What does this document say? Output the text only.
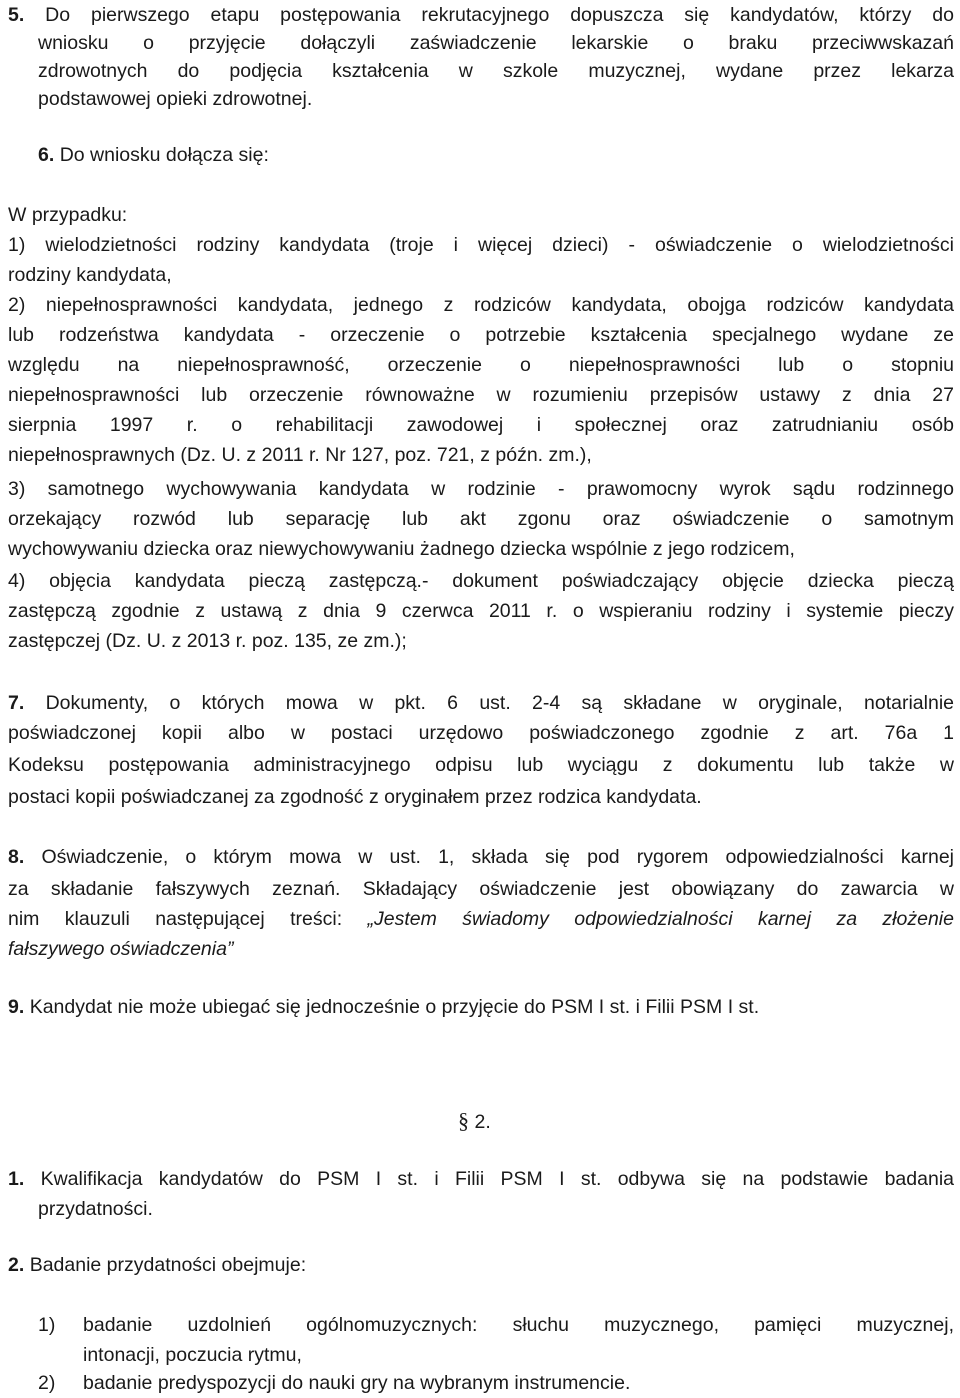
5. Do pierwszego etapu postępowania rekrutacyjnego dopuszcza się kandydatów, którzy do
wniosku o przyjęcie dołączyli zaświadczenie lekarskie o braku przeciwwskazań
zdrowotnych do podjęcia kształcenia w szkole muzycznej, wydane przez lekarza
podstawowej opieki zdrowotnej.
6. Do wniosku dołącza się:
W przypadku:
1) wielodzietności rodziny kandydata (troje i więcej dzieci) - oświadczenie o wielodzietności
rodziny kandydata,
2) niepełnosprawności kandydata, jednego z rodziców kandydata, obojga rodziców kandydata
lub rodzeństwa kandydata - orzeczenie o potrzebie kształcenia specjalnego wydane ze
względu na niepełnosprawność, orzeczenie o niepełnosprawności lub o stopniu
niepełnosprawności lub orzeczenie równoważne w rozumieniu przepisów ustawy z dnia 27
sierpnia 1997 r. o rehabilitacji zawodowej i społecznej oraz zatrudnianiu osób
niepełnosprawnych (Dz. U. z 2011 r. Nr 127, poz. 721, z późn. zm.),
3) samotnego wychowywania kandydata w rodzinie - prawomocny wyrok sądu rodzinnego
orzekający rozwód lub separację lub akt zgonu oraz oświadczenie o samotnym
wychowywaniu dziecka oraz niewychowywaniu żadnego dziecka wspólnie z jego rodzicem,
4) objęcia kandydata pieczą zastępczą.- dokument poświadczający objęcie dziecka pieczą
zastępczą zgodnie z ustawą z dnia 9 czerwca 2011 r. o wspieraniu rodziny i systemie pieczy
zastępczej (Dz. U. z 2013 r. poz. 135, ze zm.);
7. Dokumenty, o których mowa w pkt. 6 ust. 2-4 są składane w oryginale, notarialnie
poświadczonej kopii albo w postaci urzędowo poświadczonego zgodnie z art. 76a 1
Kodeksu postępowania administracyjnego odpisu lub wyciągu z dokumentu lub także w
postaci kopii poświadczanej za zgodność z oryginałem przez rodzica kandydata.
8. Oświadczenie, o którym mowa w ust. 1, składa się pod rygorem odpowiedzialności karnej
za składanie fałszywych zeznań. Składający oświadczenie jest obowiązany do zawarcia w
nim klauzuli następującej treści: „Jestem świadomy odpowiedzialności karnej za złożenie
fałszywego oświadczenia”
9. Kandydat nie może ubiegać się jednocześnie o przyjęcie do PSM I st. i Filii PSM I st.
§ 2.
1. Kwalifikacja kandydatów do PSM I st. i Filii PSM I st. odbywa się na podstawie badania
przydatności.
2. Badanie przydatności obejmuje:
1)	badanie uzdolnień ogólnomuzycznych: słuchu muzycznego, pamięci muzycznej,
intonacji, poczucia rytmu,
2)	badanie predyspozycji do nauki gry na wybranym instrumencie.
